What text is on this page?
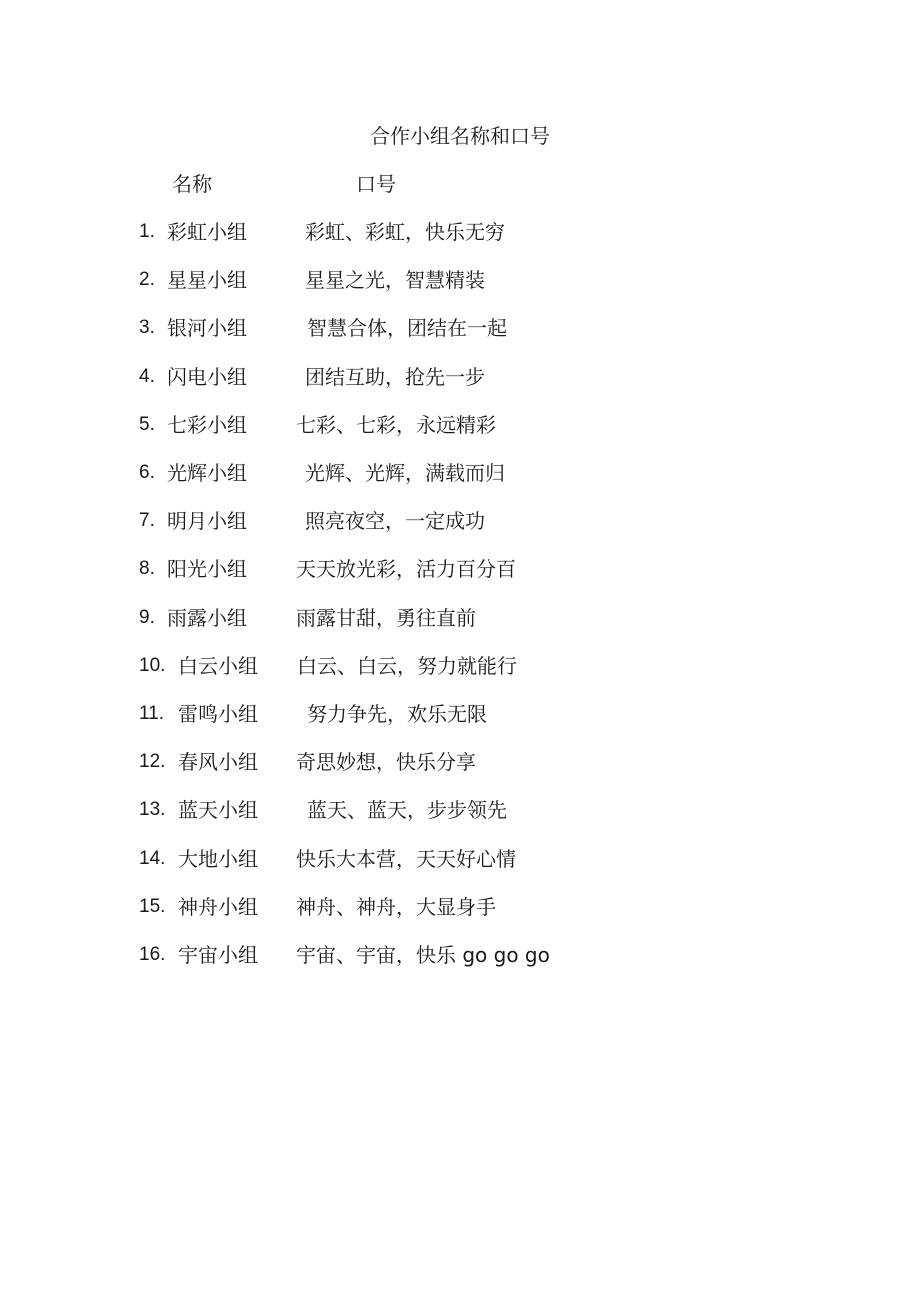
合作小组名称和口号
名称	口号
1. 彩虹小组	彩虹、彩虹，快乐无穷
2. 星星小组	星星之光，智慧精装
3. 银河小组	智慧合体，团结在一起
4. 闪电小组	团结互助，抢先一步
5. 七彩小组 七彩、七彩，永远精彩
6. 光辉小组	光辉、光辉，满载而归
7. 明月小组	照亮夜空，一定成功
8. 阳光小组 天天放光彩，活力百分百
9. 雨露小组 雨露甘甜，勇往直前
10. 白云小组 白云、白云，努力就能行
11. 雷鸣小组 努力争先，欢乐无限
12. 春风小组 奇思妙想，快乐分享
13. 蓝天小组 蓝天、蓝天，步步领先
14. 大地小组 快乐大本营，天天好心情
15. 神舟小组 神舟、神舟，大显身手
16. 宇宙小组 宇宙、宇宙，快乐 go go go
